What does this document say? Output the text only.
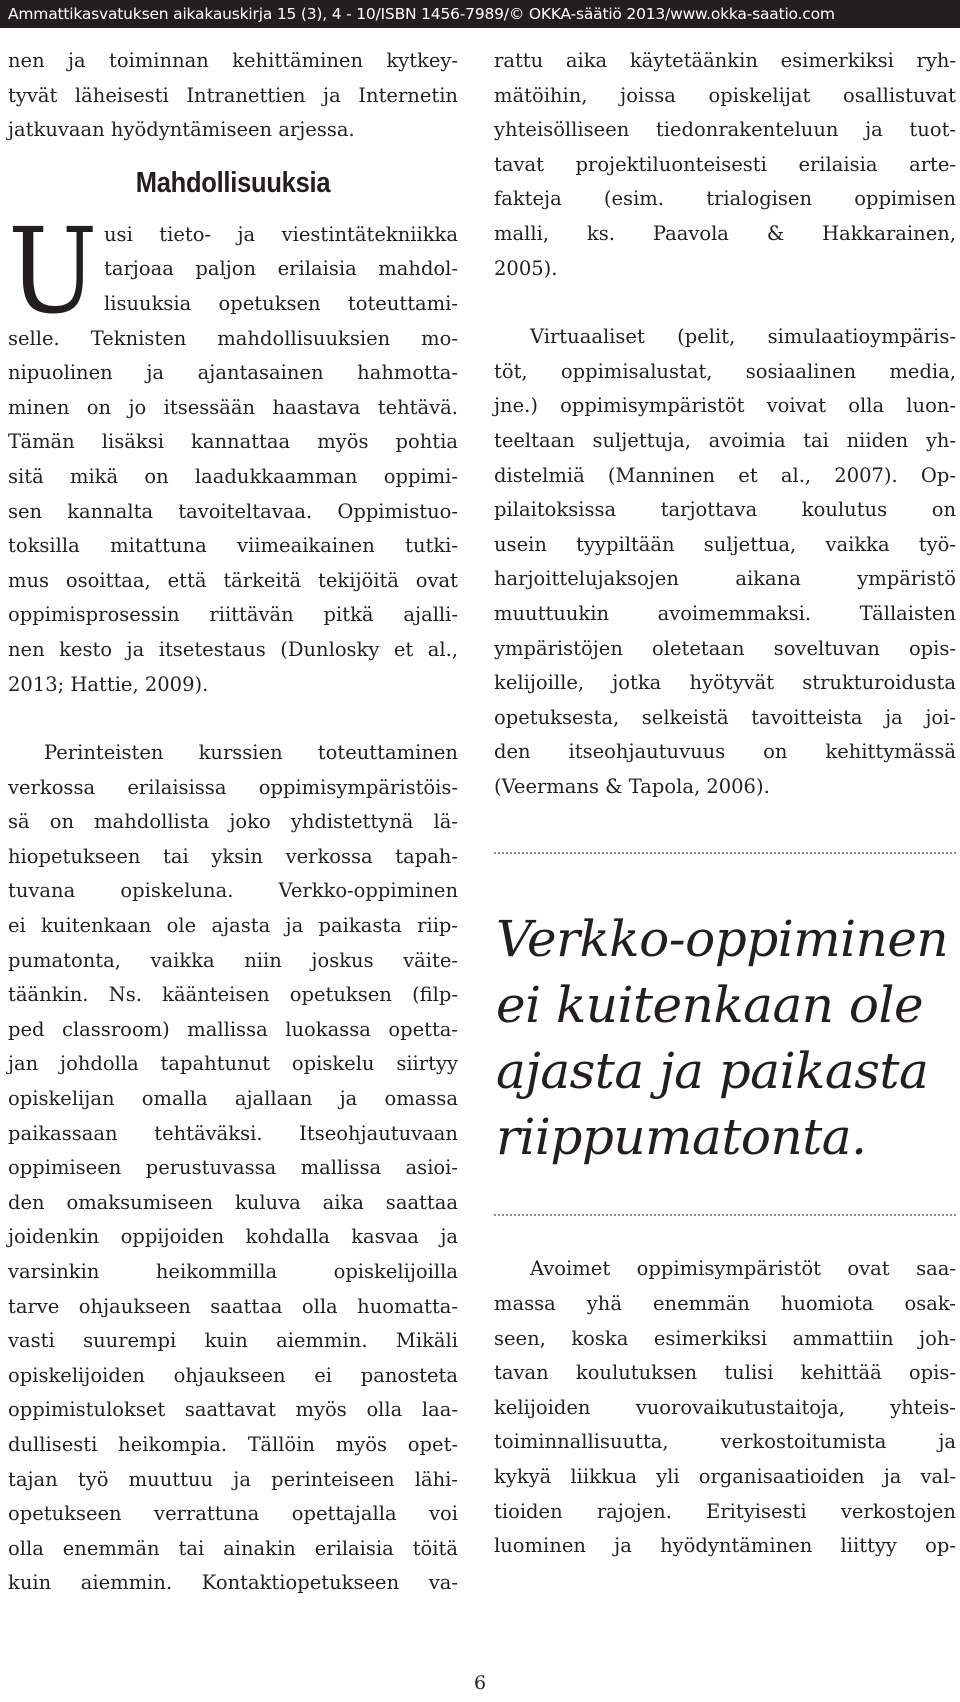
Ammattikasvatuksen aikakauskirja 15 (3), 4 - 10/ISBN 1456-7989/© OKKA-säätiö 2013/www.okka-saatio.com
nen ja toiminnan kehittäminen kytkey-
tyvät läheisesti Intranettien ja Internetin
jatkuvaan hyödyntämiseen arjessa.
Mahdollisuuksia
U usi tieto- ja viestintätekniikka
tarjoaa paljon erilaisia mahdol-
lisuuksia opetuksen toteuttami-
selle. Teknisten mahdollisuuksien mo-
nipuolinen ja ajantasainen hahmotta-
minen on jo itsessään haastava tehtävä.
Tämän lisäksi kannattaa myös pohtia
sitä mikä on laadukkaamman oppimi-
sen kannalta tavoiteltavaa. Oppimistuo-
toksilla mitattuna viimeaikainen tutki-
mus osoittaa, että tärkeitä tekijöitä ovat
oppimisprosessin riittävän pitkä ajalli-
nen kesto ja itsetestaus (Dunlosky et al.,
2013; Hattie, 2009).
Perinteisten kurssien toteuttaminen
verkossa erilaisissa oppimisympäristöis-
sä on mahdollista joko yhdistettynä lä-
hiopetukseen tai yksin verkossa tapah-
tuvana opiskeluna. Verkko-oppiminen
ei kuitenkaan ole ajasta ja paikasta riip-
pumatonta, vaikka niin joskus väite-
täänkin. Ns. käänteisen opetuksen (filp-
ped classroom) mallissa luokassa opetta-
jan johdolla tapahtunut opiskelu siirtyy
opiskelijan omalla ajallaan ja omassa
paikassaan tehtäväksi. Itseohjautuvaan
oppimiseen perustuvassa mallissa asioi-
den omaksumiseen kuluva aika saattaa
joidenkin oppijoiden kohdalla kasvaa ja
varsinkin heikommilla opiskelijoilla
tarve ohjaukseen saattaa olla huomatta-
vasti suurempi kuin aiemmin. Mikäli
opiskelijoiden ohjaukseen ei panosteta
oppimistulokset saattavat myös olla laa-
dullisesti heikompia. Tällöin myös opet-
tajan työ muuttuu ja perinteiseen lähi-
opetukseen verrattuna opettajalla voi
olla enemmän tai ainakin erilaisia töitä
kuin aiemmin. Kontaktiopetukseen va-
rattu aika käytetäänkin esimerkiksi ryh-
mätöihin, joissa opiskelijat osallistuvat
yhteisölliseen tiedonrakenteluun ja tuot-
tavat projektiluonteisesti erilaisia arte-
fakteja (esim. trialogisen oppimisen
malli, ks. Paavola & Hakkarainen,
2005).
Virtuaaliset (pelit, simulaatioympäris-
töt, oppimisalustat, sosiaalinen media,
jne.) oppimisympäristöt voivat olla luon-
teeltaan suljettuja, avoimia tai niiden yh-
distelmiä (Manninen et al., 2007). Op-
pilaitoksissa tarjottava koulutus on
usein tyypiltään suljettua, vaikka työ-
harjoittelujaksojen aikana ympäristö
muuttuukin avoimemmaksi. Tällaisten
ympäristöjen oletetaan soveltuvan opis-
kelijoille, jotka hyötyvät strukturoidusta
opetuksesta, selkeistä tavoitteista ja joi-
den itseohjautuvuus on kehittymässä
(Veermans & Tapola, 2006).
Verkko-oppiminen
ei kuitenkaan ole
ajasta ja paikasta
riippumatonta.
Avoimet oppimisympäristöt ovat saa-
massa yhä enemmän huomiota osak-
seen, koska esimerkiksi ammattiin joh-
tavan koulutuksen tulisi kehittää opis-
kelijoiden vuorovaikutustaitoja, yhteis-
toiminnallisuutta, verkostoitumista ja
kykyä liikkua yli organisaatioiden ja val-
tioiden rajojen. Erityisesti verkostojen
luominen ja hyödyntäminen liittyy op-
6
